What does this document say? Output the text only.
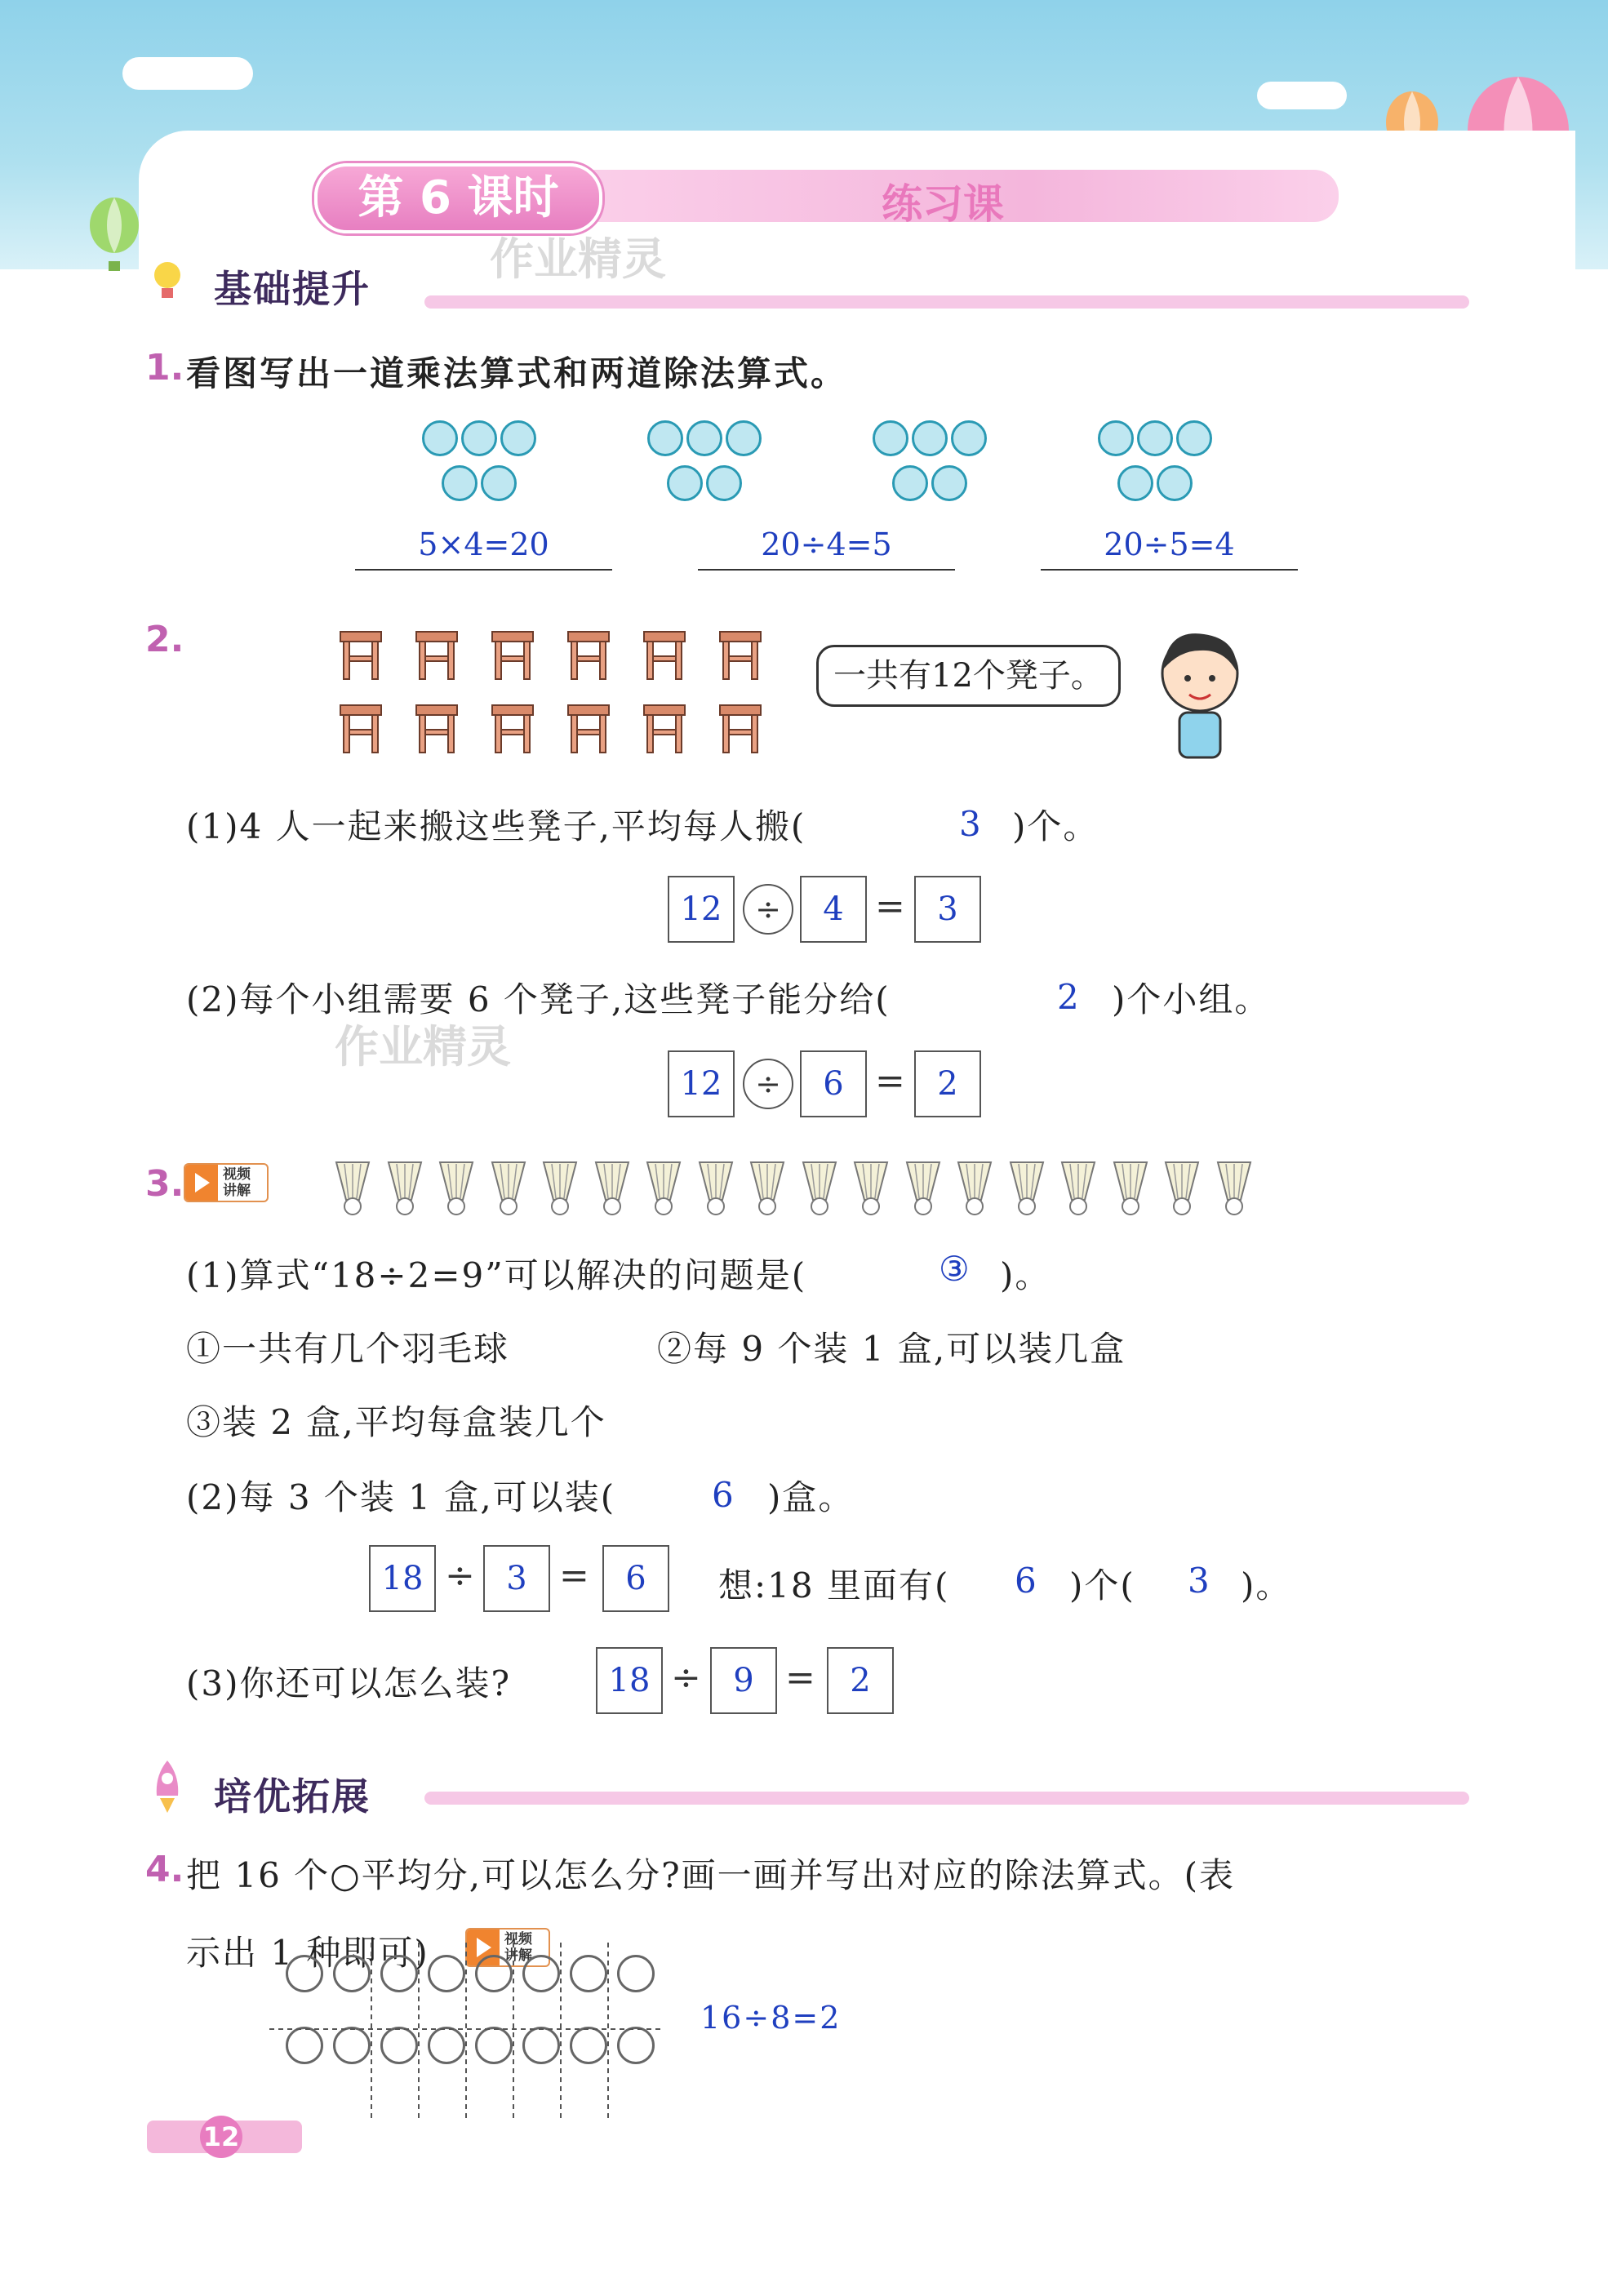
第 6 课时	练习课
作业精灵
基础提升
1. 看图写出一道乘法算式和两道除法算式。
5×4=20	20÷4=5	20÷5=4
2.
一共有12个凳子。
(1)4 人一起来搬这些凳子,平均每人搬(	3 )个。
12	÷	4 = 3
(2)每个小组需要 6 个凳子,这些凳子能分给(	2 )个小组。
作业精灵
12	÷	6 = 2
3.	视频讲解
(1)算式“18÷2=9”可以解决的问题是(	③ )。
①一共有几个羽毛球	②每 9 个装 1 盒,可以装几盒
③装 2 盒,平均每盒装几个
(2)每 3 个装 1 盒,可以装(	6 )盒。
18 ÷ 3 =	6	想:18 里面有( 6 )个( 3 )。
(3)你还可以怎么装?	18 ÷ 9 =	2
培优拓展
4. 把 16 个○平均分,可以怎么分?画一画并写出对应的除法算式。(表
示出 1 种即可)	视频讲解
16÷8=2
12
